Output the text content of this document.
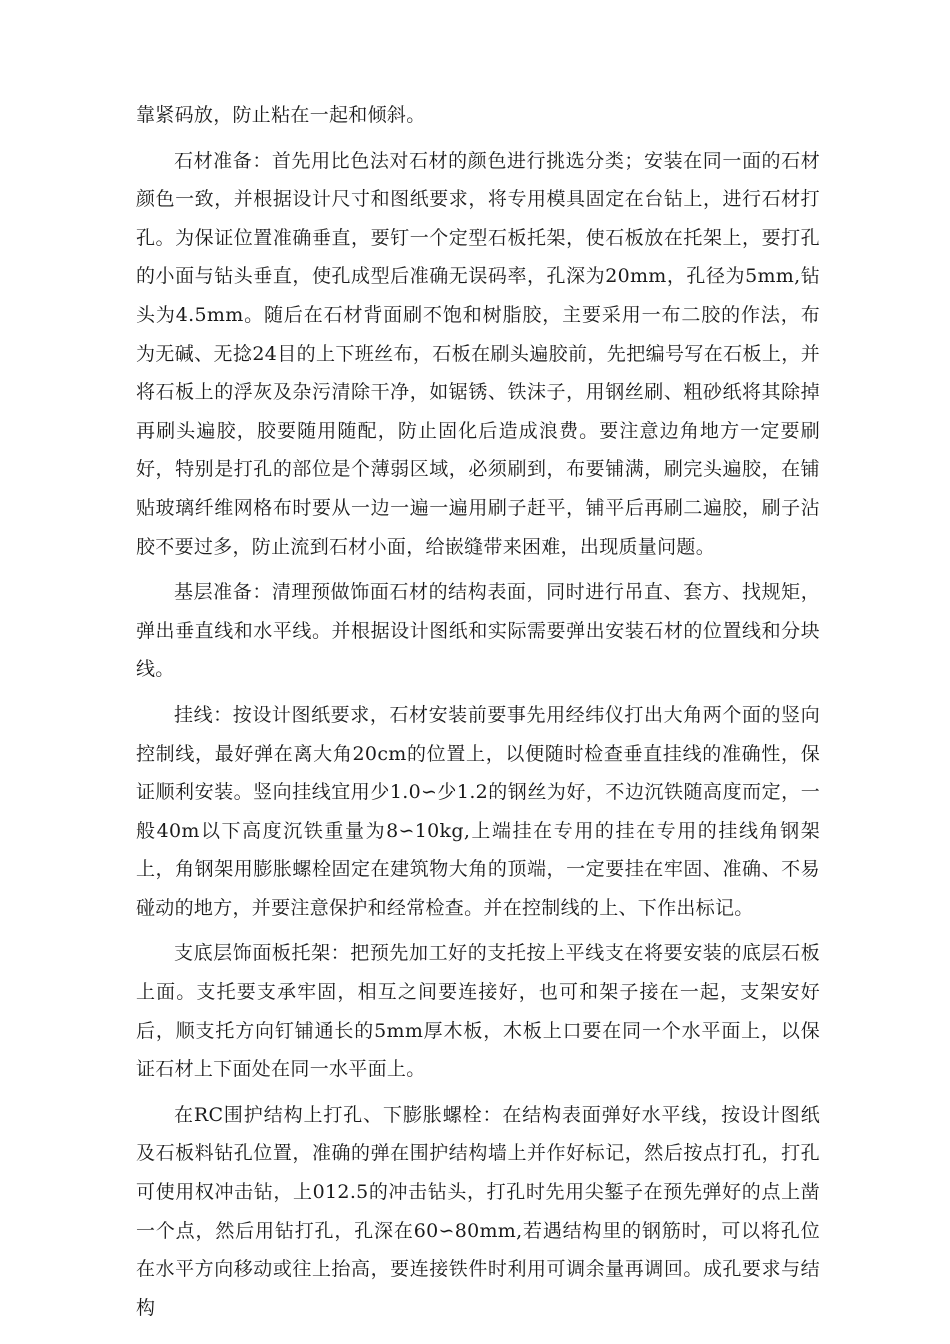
靠紧码放，防止粘在一起和倾斜。

石材准备：首先用比色法对石材的颜色进行挑选分类；安装在同一面的石材颜色一致，并根据设计尺寸和图纸要求，将专用模具固定在台钻上，进行石材打孔。为保证位置准确垂直，要钉一个定型石板托架，使石板放在托架上，要打孔的小面与钻头垂直，使孔成型后准确无误码率，孔深为20mm，孔径为5mm,钻头为4.5mm。随后在石材背面刷不饱和树脂胶，主要采用一布二胶的作法，布为无碱、无捻24目的上下班丝布，石板在刷头遍胶前，先把编号写在石板上，并将石板上的浮灰及杂污清除干净，如锯锈、铁沫子，用钢丝刷、粗砂纸将其除掉再刷头遍胶，胶要随用随配，防止固化后造成浪费。要注意边角地方一定要刷好，特别是打孔的部位是个薄弱区域，必须刷到，布要铺满，刷完头遍胶，在铺贴玻璃纤维网格布时要从一边一遍一遍用刷子赶平，铺平后再刷二遍胶，刷子沾胶不要过多，防止流到石材小面，给嵌缝带来困难，出现质量问题。

基层准备：清理预做饰面石材的结构表面，同时进行吊直、套方、找规矩，弹出垂直线和水平线。并根据设计图纸和实际需要弹出安装石材的位置线和分块线。

挂线：按设计图纸要求，石材安装前要事先用经纬仪打出大角两个面的竖向控制线，最好弹在离大角20cm的位置上，以便随时检查垂直挂线的准确性，保证顺利安装。竖向挂线宜用少1.0∽少1.2的钢丝为好，不边沉铁随高度而定，一般40m以下高度沉铁重量为8∽10kg,上端挂在专用的挂在专用的挂线角钢架上，角钢架用膨胀螺栓固定在建筑物大角的顶端，一定要挂在牢固、准确、不易碰动的地方，并要注意保护和经常检查。并在控制线的上、下作出标记。

支底层饰面板托架：把预先加工好的支托按上平线支在将要安装的底层石板上面。支托要支承牢固，相互之间要连接好，也可和架子接在一起，支架安好后，顺支托方向钉铺通长的5mm厚木板，木板上口要在同一个水平面上，以保证石材上下面处在同一水平面上。

在RC围护结构上打孔、下膨胀螺栓：在结构表面弹好水平线，按设计图纸及石板料钻孔位置，准确的弹在围护结构墙上并作好标记，然后按点打孔，打孔可使用权冲击钻，上012.5的冲击钻头，打孔时先用尖錾子在预先弹好的点上凿一个点，然后用钻打孔，孔深在60∽80mm,若遇结构里的钢筋时，可以将孔位在水平方向移动或往上抬高，要连接铁件时利用可调余量再调回。成孔要求与结构
